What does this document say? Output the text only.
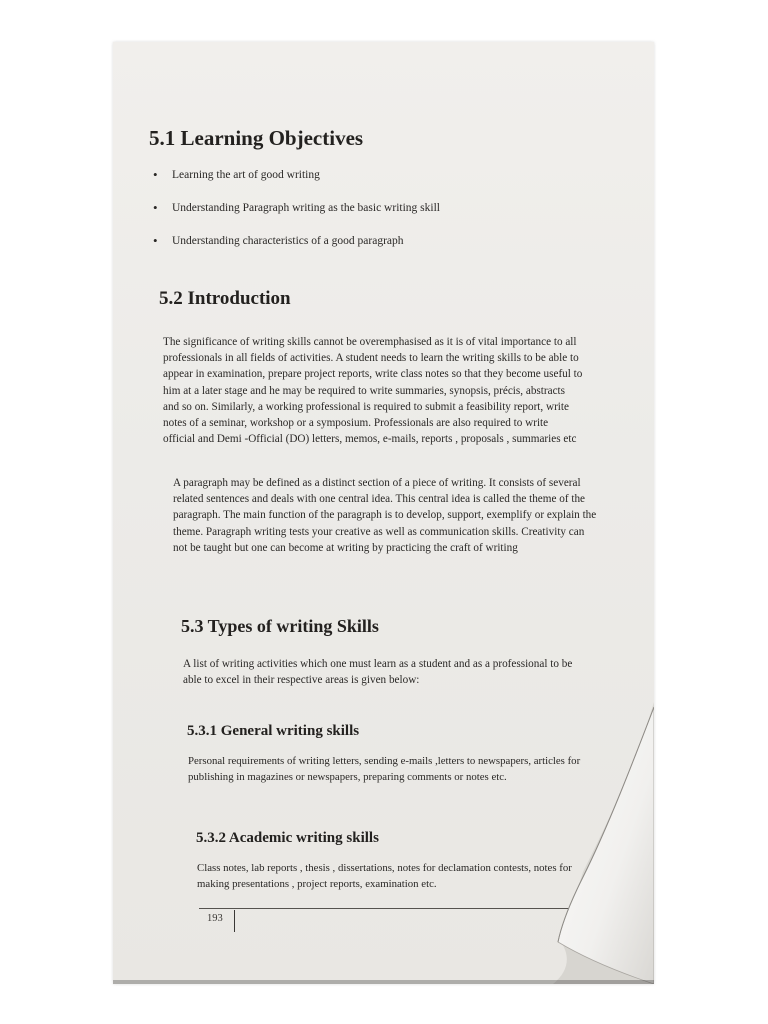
5.1 Learning Objectives
• Learning the art of good writing
• Understanding Paragraph writing as the basic writing skill
• Understanding characteristics of a good paragraph
5.2 Introduction

The significance of writing skills cannot be overemphasised as it is of vital importance to all professionals in all fields of activities. A student needs to learn the writing skills to be able to appear in examination, prepare project reports, write class notes so that they become useful to him at a later stage and he may be required to write summaries, synopsis, précis, abstracts and so on. Similarly, a working professional is required to submit a feasibility report, write notes of a seminar, workshop or a symposium. Professionals are also required to write official and Demi -Official (DO) letters, memos, e-mails, reports , proposals , summaries etc

A paragraph may be defined as a distinct section of a piece of writing. It consists of several related sentences and deals with one central idea. This central idea is called the theme of the paragraph. The main function of the paragraph is to develop, support, exemplify or explain the theme. Paragraph writing tests your creative as well as communication skills. Creativity can not be taught but one can become at writing by practicing the craft of writing

5.3 Types of writing Skills

A list of writing activities which one must learn as a student and as a professional to be able to excel in their respective areas is given below:

5.3.1 General writing skills

Personal requirements of writing letters, sending e-mails ,letters to newspapers, articles for publishing in magazines or newspapers, preparing comments or notes etc.

5.3.2 Academic writing skills

Class notes, lab reports , thesis , dissertations, notes for declamation contests, notes for making presentations , project reports, examination etc.

193
